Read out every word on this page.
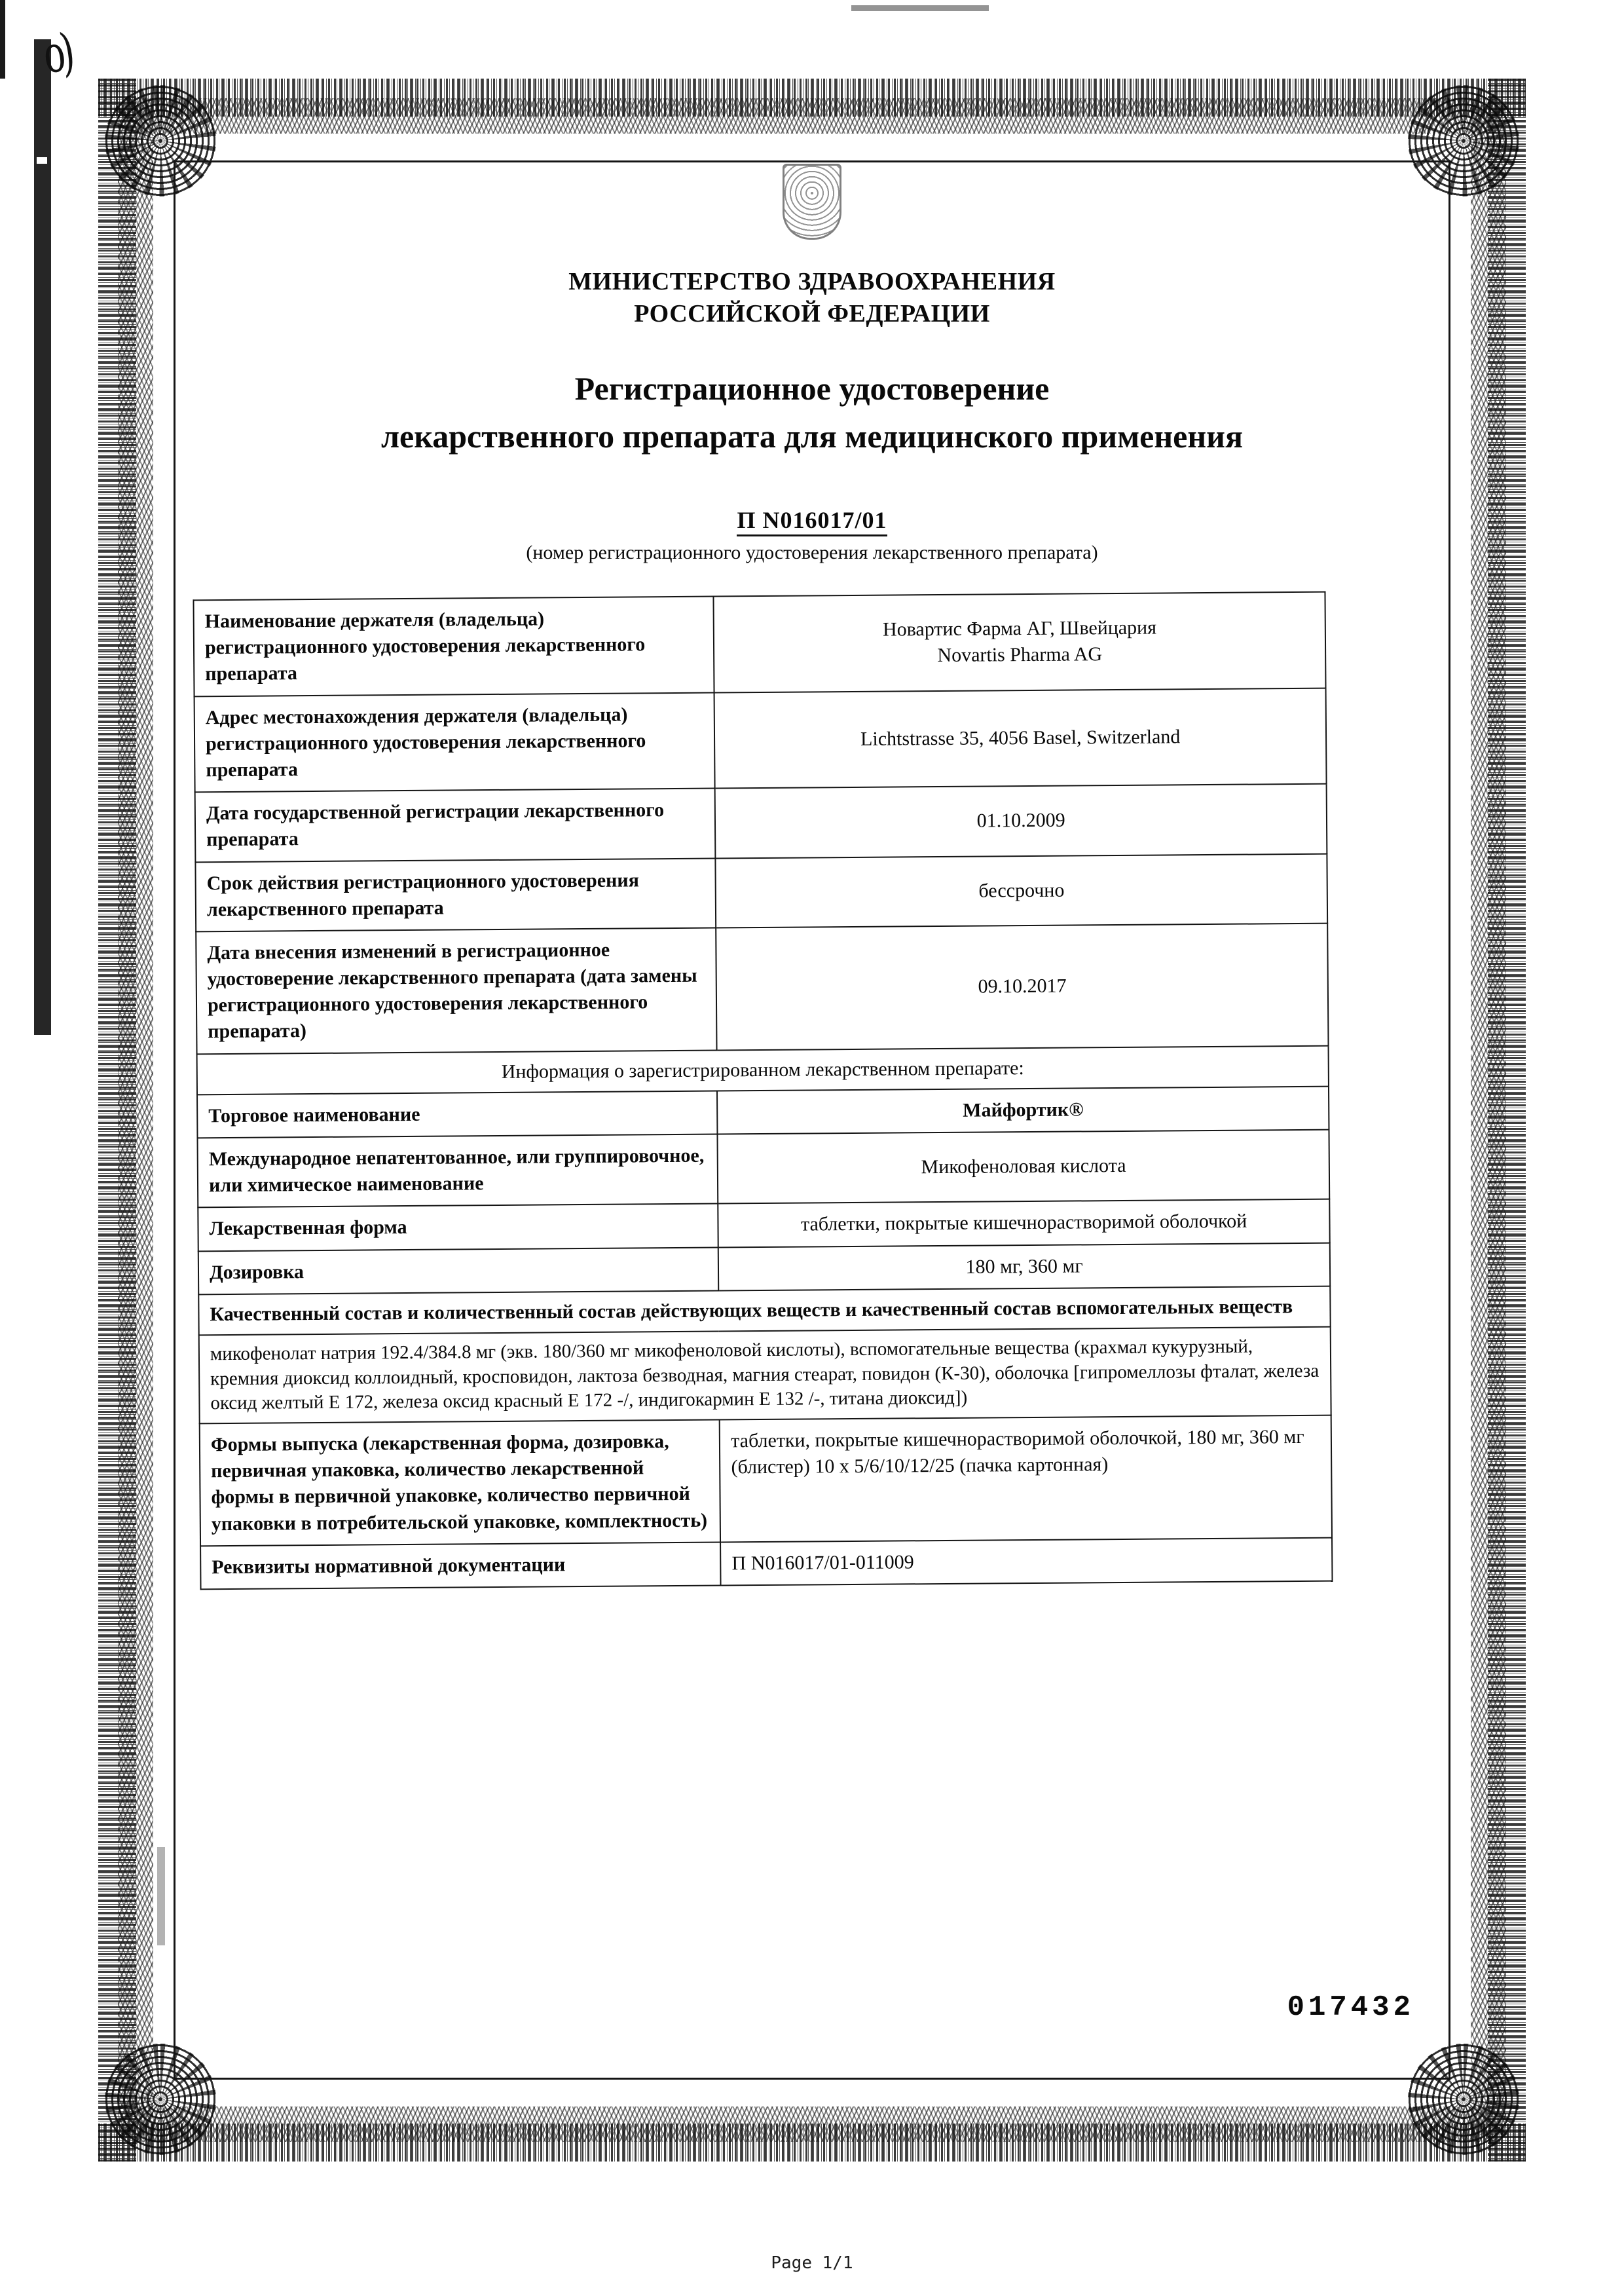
о)
МИНИСТЕРСТВО ЗДРАВООХРАНЕНИЯ
РОССИЙСКОЙ ФЕДЕРАЦИИ
Регистрационное удостоверение
лекарственного препарата для медицинского применения
П N016017/01
(номер регистрационного удостоверения лекарственного препарата)
Наименование держателя (владельца) регистрационного удостоверения лекарственного препарата	Новартис Фарма АГ, Швейцария
Novartis Pharma AG
Адрес местонахождения держателя (владельца) регистрационного удостоверения лекарственного препарата	Lichtstrasse 35, 4056 Basel, Switzerland
Дата государственной регистрации лекарственного препарата	01.10.2009
Срок действия регистрационного удостоверения лекарственного препарата	бессрочно
Дата внесения изменений в регистрационное удостоверение лекарственного препарата (дата замены регистрационного удостоверения лекарственного препарата)	09.10.2017
Информация о зарегистрированном лекарственном препарате:	
Торговое наименование	Майфортик®
Международное непатентованное, или группировочное, или химическое наименование	Микофеноловая кислота
Лекарственная форма	таблетки, покрытые кишечнорастворимой оболочкой
Дозировка	180 мг, 360 мг
Качественный состав и количественный состав действующих веществ и качественный состав вспомогательных веществ	
микофенолат натрия 192.4/384.8 мг (экв. 180/360 мг микофеноловой кислоты), вспомогательные вещества (крахмал кукурузный, кремния диоксид коллоидный, кросповидон, лактоза безводная, магния стеарат, повидон (К-30), оболочка [гипромеллозы фталат, железа оксид желтый Е 172, железа оксид красный Е 172 -/, индигокармин Е 132 /-, титана диоксид])	
Формы выпуска (лекарственная форма, дозировка, первичная упаковка, количество лекарственной формы в первичной упаковке, количество первичной упаковки в потребительской упаковке, комплектность)	таблетки, покрытые кишечнорастворимой оболочкой, 180 мг, 360 мг (блистер) 10 х 5/6/10/12/25 (пачка картонная)
Реквизиты нормативной документации	П N016017/01-011009
017432
Page 1/1
